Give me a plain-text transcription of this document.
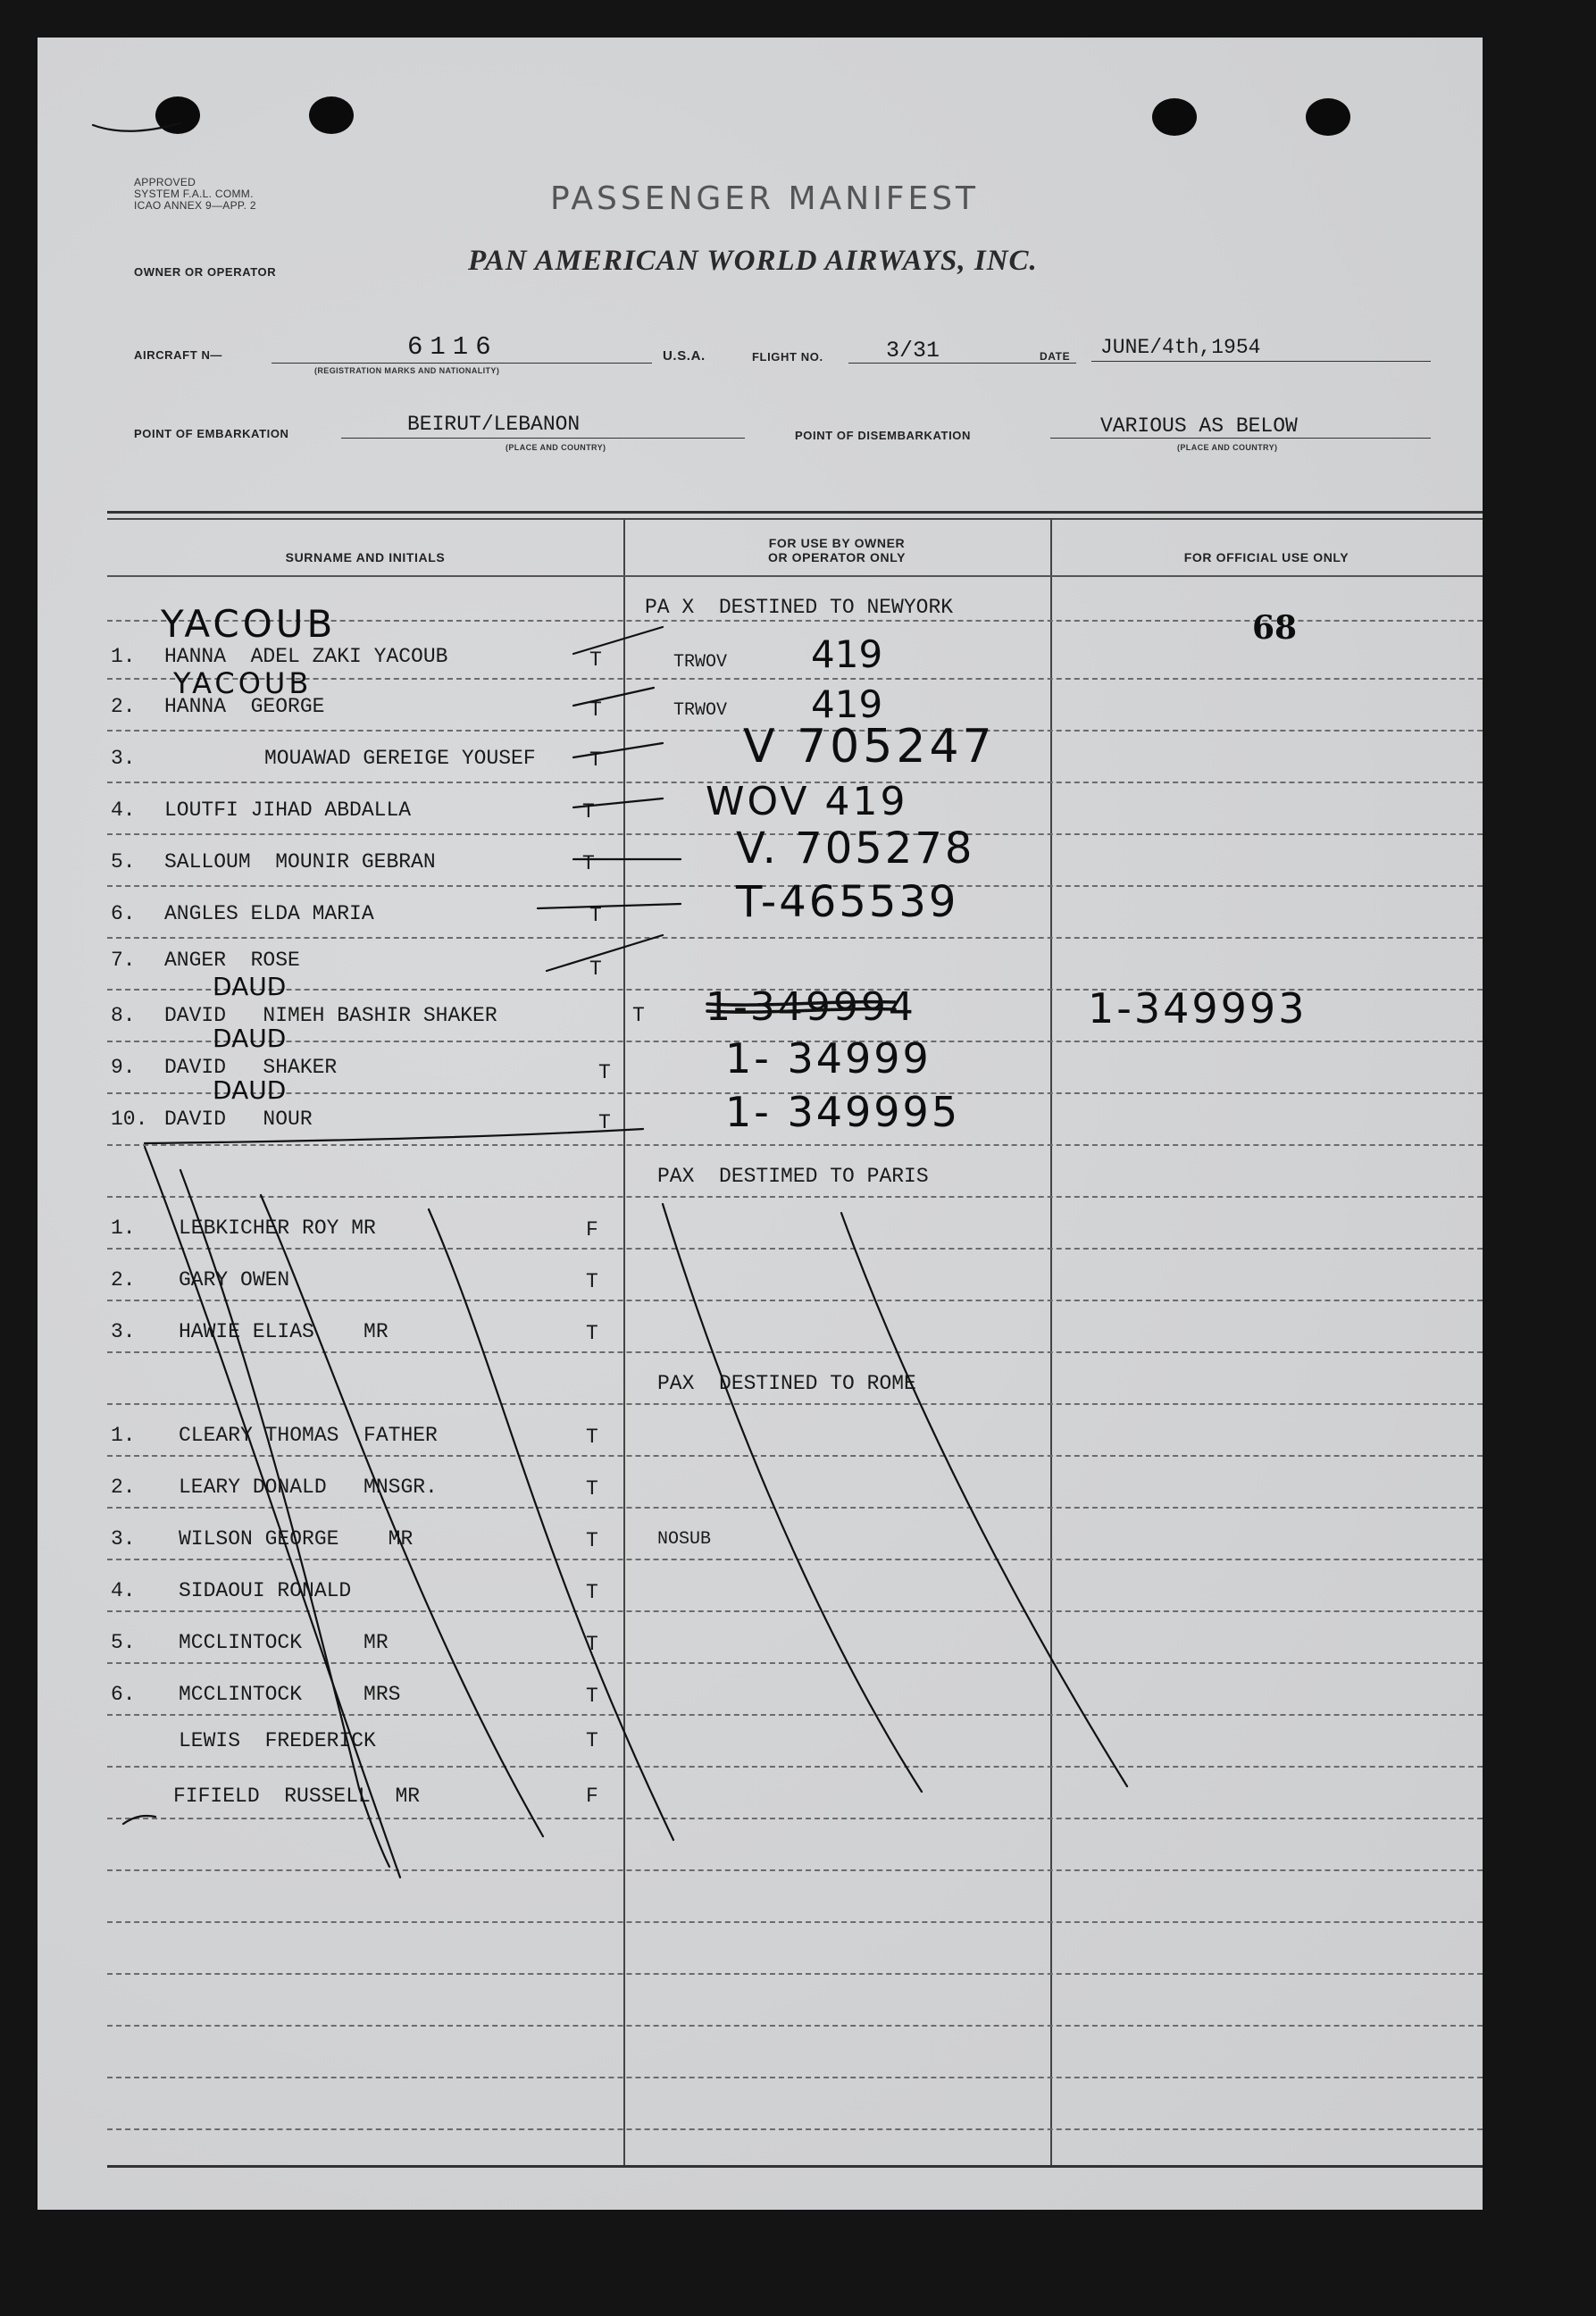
APPROVED
SYSTEM F.A.L. COMM.
ICAO ANNEX 9—APP. 2	PASSENGER MANIFEST
OWNER OR OPERATOR	PAN AMERICAN WORLD AIRWAYS, INC.
AIRCRAFT N—	6116
(REGISTRATION MARKS AND NATIONALITY)
U.S.A.	FLIGHT NO.	3/31	DATE JUNE/4th,1954
POINT OF EMBARKATION	BEIRUT/LEBANON
(PLACE AND COUNTRY)
POINT OF DISEMBARKATION	VARIOUS AS BELOW
(PLACE AND COUNTRY)
SURNAME AND INITIALS
FOR USE BY OWNER
OR OPERATOR ONLY	FOR OFFICIAL USE ONLY
PA X  DESTINED TO NEWYORK
68
YACOUB
YACOUB
1. HANNA  ADEL ZAKI YACOUB	T	TRWOV 419
2. HANNA  GEORGE	T	TRWOV 419
3.	MOUAWAD GEREIGE YOUSEF	T	V 705247
4. LOUTFI JIHAD ABDALLA	T	WOV 419
5. SALLOUM  MOUNIR GEBRAN	T	V. 705278
6. ANGLES ELDA MARIA	T	T-465539
7. ANGER  ROSE	T
DAUD
8. DAVID   NIMEH BASHIR SHAKER	T 1-349994	1-349993
DAUD
9. DAVID   SHAKER	T	1- 34999
DAUD
10. DAVID   NOUR	T	1- 349995
PAX  DESTIMED TO PARIS
1. LEBKICHER ROY MR	F
2. GARY OWEN	T
3. HAWIE ELIAS    MR	T
PAX  DESTINED TO ROME
1. CLEARY THOMAS  FATHER	T
2. LEARY DONALD   MNSGR.	T
3. WILSON GEORGE    MR	T	NOSUB
4. SIDAOUI RONALD	T
5. MCCLINTOCK     MR	T
6. MCCLINTOCK     MRS	T
LEWIS  FREDERICK	T
FIFIELD  RUSSELL  MR	F
